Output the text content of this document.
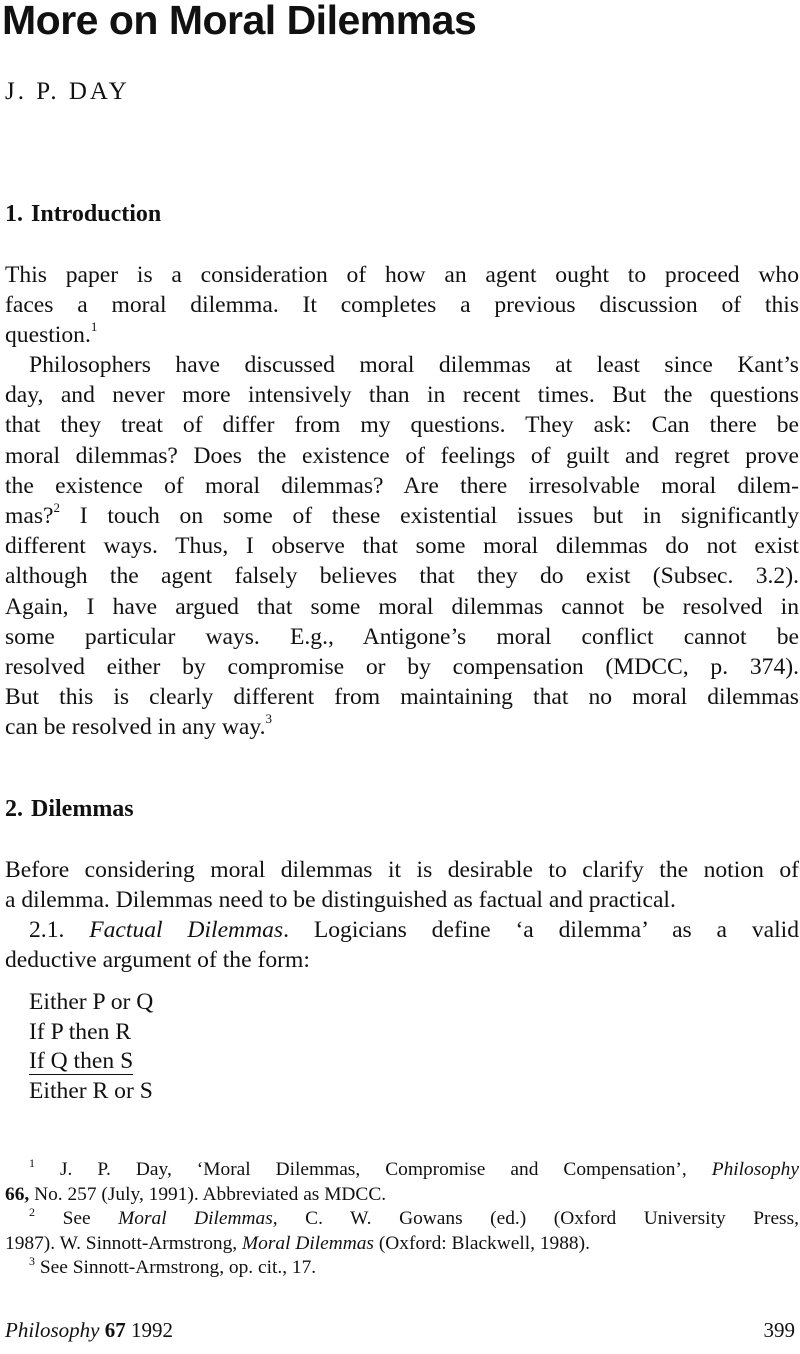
More on Moral Dilemmas
J. P. DAY
1. Introduction
This paper is a consideration of how an agent ought to proceed who
faces a moral dilemma. It completes a previous discussion of this
question.$^1$
Philosophers have discussed moral dilemmas at least since Kant’s
day, and never more intensively than in recent times. But the questions
that they treat of differ from my questions. They ask: Can there be
moral dilemmas? Does the existence of feelings of guilt and regret prove
the existence of moral dilemmas? Are there irresolvable moral dilem-
mas?$^2$ I touch on some of these existential issues but in significantly
different ways. Thus, I observe that some moral dilemmas do not exist
although the agent falsely believes that they do exist (Subsec. 3.2).
Again, I have argued that some moral dilemmas cannot be resolved in
some particular ways. E.g., Antigone’s moral conflict cannot be
resolved either by compromise or by compensation (MDCC, p. 374).
But this is clearly different from maintaining that no moral dilemmas
can be resolved in any way.$^3$
2. Dilemmas
Before considering moral dilemmas it is desirable to clarify the notion of
a dilemma. Dilemmas need to be distinguished as factual and practical.
2.1. Factual Dilemmas. Logicians define ‘a dilemma’ as a valid
deductive argument of the form:
Either P or Q
If P then R
If Q then S
Either R or S
$^1$ J. P. Day, ‘Moral Dilemmas, Compromise and Compensation’, Philosophy
66, No. 257 (July, 1991). Abbreviated as MDCC.
$^2$ See Moral Dilemmas, C. W. Gowans (ed.) (Oxford University Press,
1987). W. Sinnott-Armstrong, Moral Dilemmas (Oxford: Blackwell, 1988).
$^3$ See Sinnott-Armstrong, op. cit., 17.
Philosophy 67 1992	399
